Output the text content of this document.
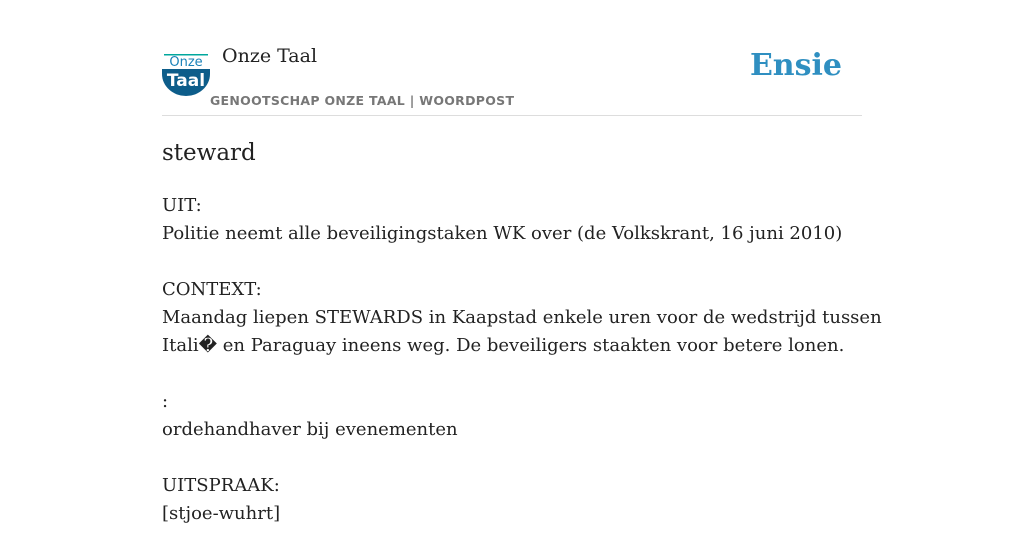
Onze
Taal
Onze Taal
GENOOTSCHAP ONZE TAAL | WOORDPOST
Ensie
steward

UIT:
Politie neemt alle beveiligingstaken WK over (de Volkskrant, 16 juni 2010)

CONTEXT:
Maandag liepen STEWARDS in Kaapstad enkele uren voor de wedstrijd tussen
Itali� en Paraguay ineens weg. De beveiligers staakten voor betere lonen.

:
ordehandhaver bij evenementen

UITSPRAAK:
[stjoe-wuhrt]
